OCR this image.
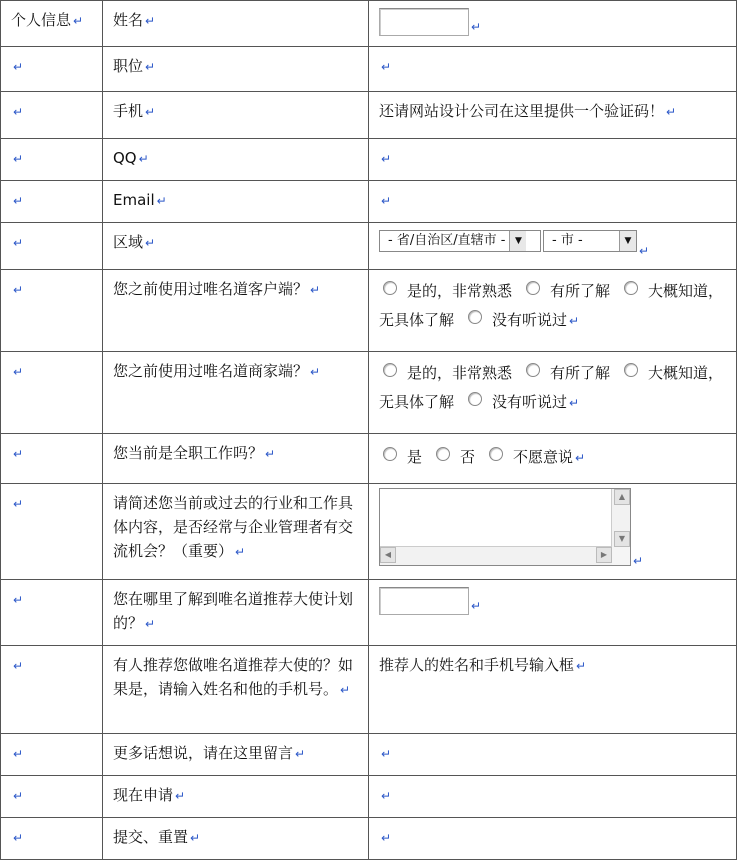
个人信息 ↵	姓名 ↵	$_↵$
↵	职位 ↵	↵
↵	手机 ↵	还请网站设计公司在这里提供一个验证码！ ↵
↵	QQ ↵	↵
↵	Email ↵	↵
↵	区域 ↵	- 省/自治区/直辖市 - ▼ - 市 - ▼
$_↵$
↵	您之前使用过唯名道客户端？ ↵	是的，非常熟悉 有所了解 大概知道，无具体了解 没有听说过 ↵
↵	您之前使用过唯名道商家端？ ↵	是的，非常熟悉 有所了解 大概知道，无具体了解 没有听说过 ↵
↵	您当前是全职工作吗？ ↵	是 否 不愿意说 ↵
↵	请简述您当前或过去的行业和工作具体内容，是否经常与企业管理者有交流机会？（重要） ↵	▲
▼
◀ ▶ $_↵$
↵	您在哪里了解到唯名道推荐大使计划的？ ↵	$_↵$
↵	有人推荐您做唯名道推荐大使的？如果是，请输入姓名和他的手机号。 ↵	推荐人的姓名和手机号输入框 ↵
↵	更多话想说，请在这里留言 ↵	↵
↵	现在申请 ↵	↵
↵	提交、重置 ↵	↵
